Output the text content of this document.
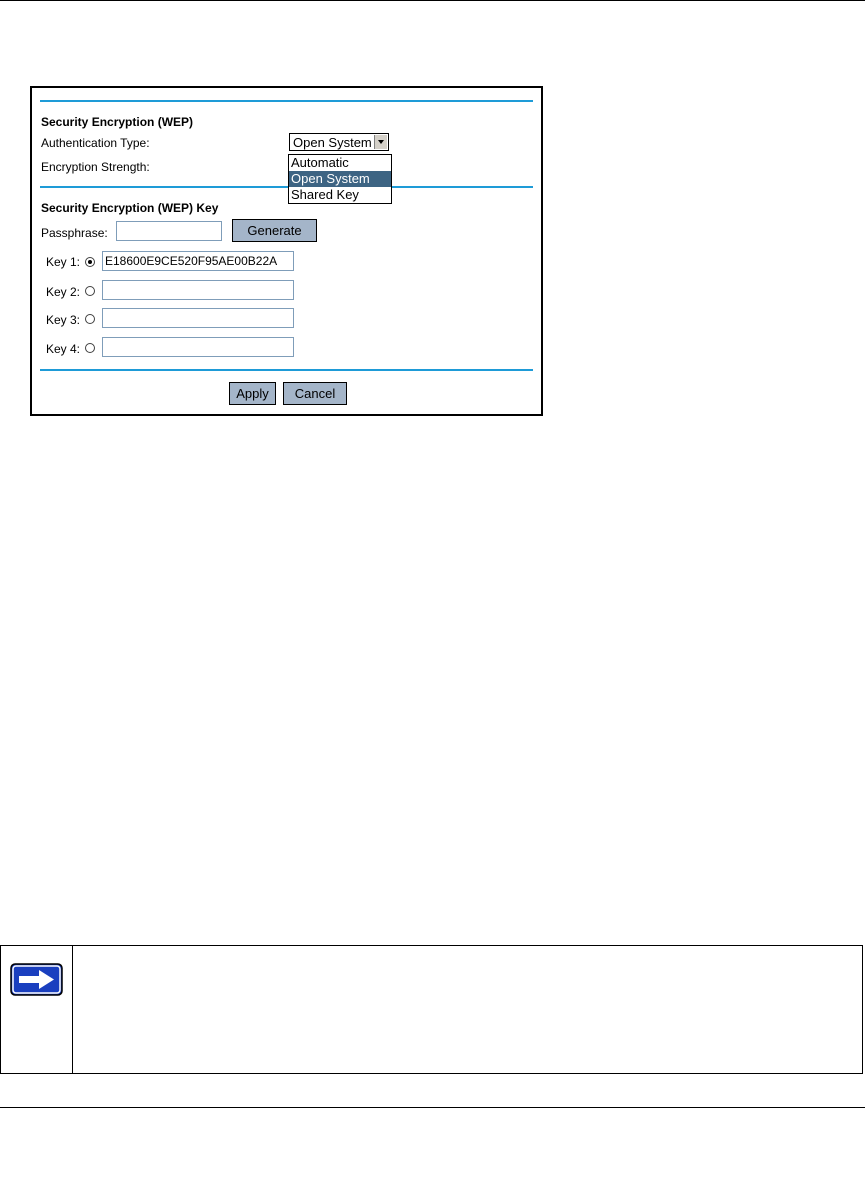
Security Encryption (WEP)
Authentication Type:
Encryption Strength:
Security Encryption (WEP) Key
Passphrase:	Generate
Key 1: E18600E9CE520F95AE00B22A
Key 2:
Key 3:
Key 4:
Apply	Cancel
Open System
Automatic
Open System
Shared Key
